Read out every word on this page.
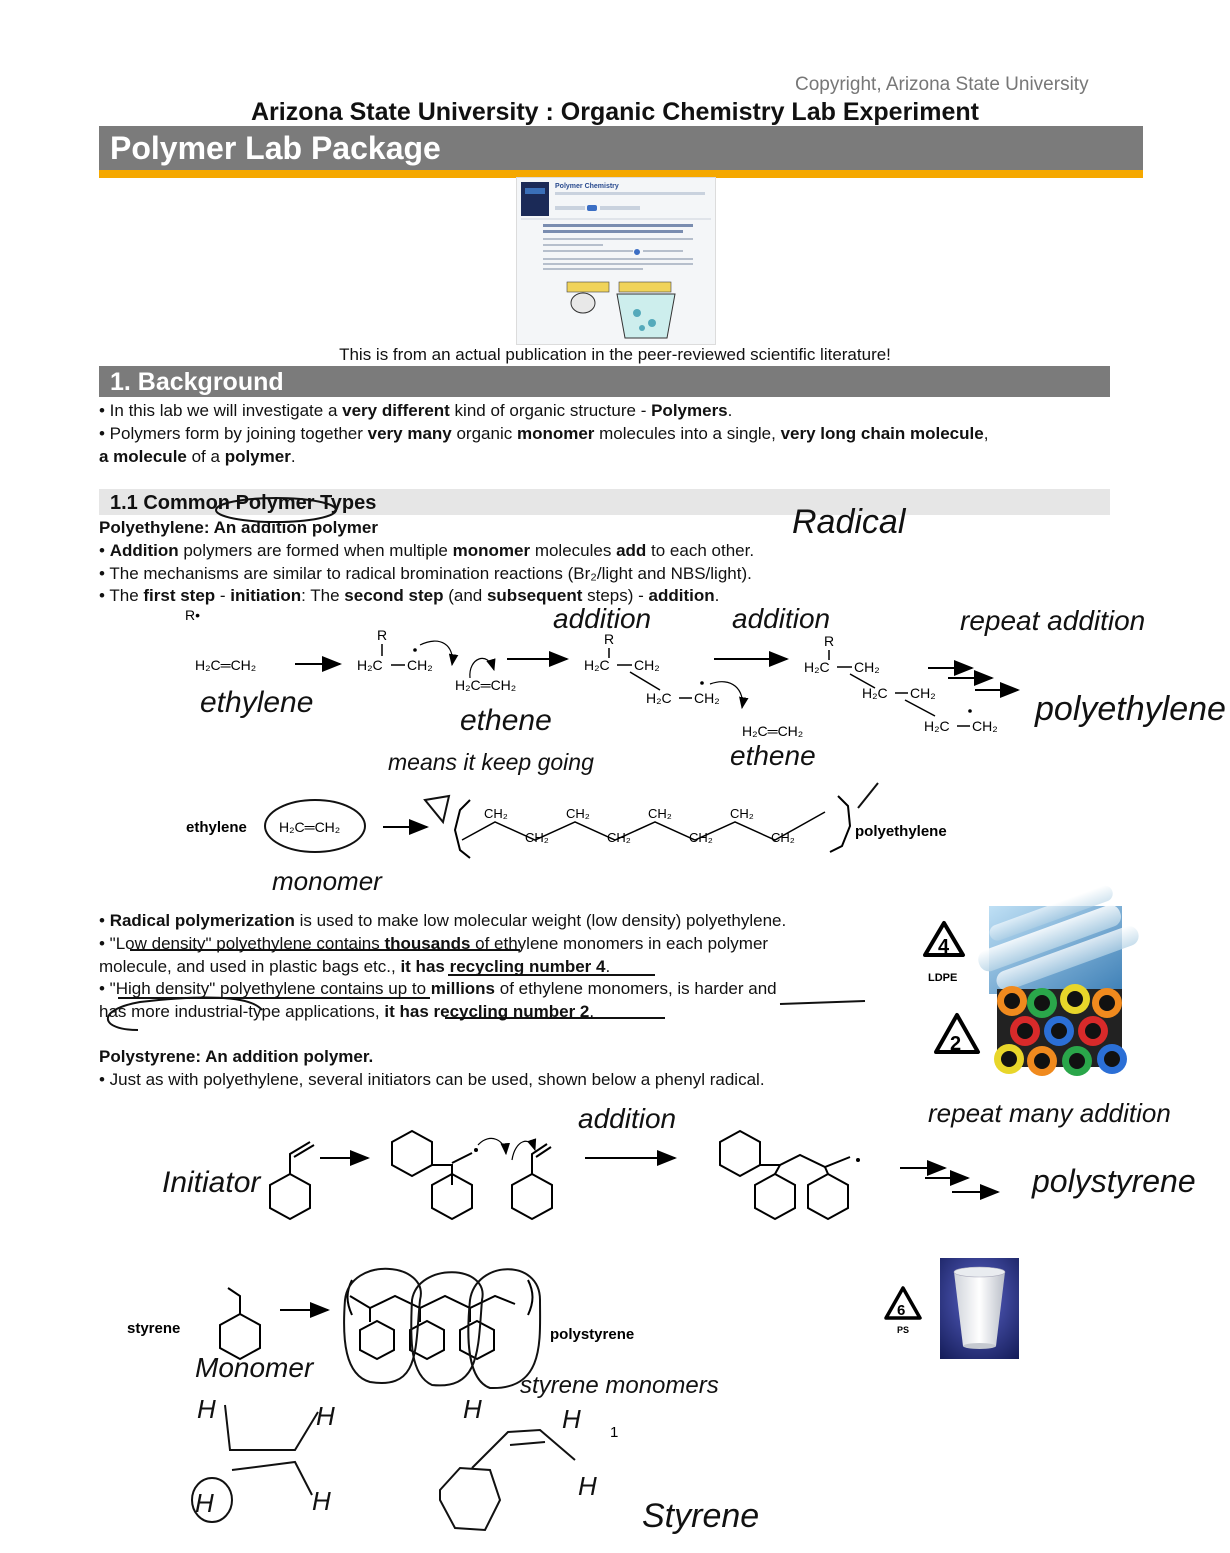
Copyright, Arizona State University
Arizona State University : Organic Chemistry Lab Experiment
Polymer Lab Package
Polymer Chemistry
This is from an actual publication in the peer-reviewed scientific literature!
1. Background
• In this lab we will investigate a very different kind of organic structure - Polymers.
• Polymers form by joining together very many organic monomer molecules into a single, very long chain molecule,
a molecule of a polymer.
1.1 Common Polymer Types
Polyethylene: An addition polymer
• Addition polymers are formed when multiple monomer molecules add to each other.
• The mechanisms are similar to radical bromination reactions (Br₂/light and NBS/light).
• The first step - initiation: The second step (and subsequent steps) - addition.
• Radical polymerization is used to make low molecular weight (low density) polyethylene.
• "Low density" polyethylene contains thousands of ethylene monomers in each polymer
molecule, and used in plastic bags etc., it has recycling number 4.
• "High density" polyethylene contains up to millions of ethylene monomers, is harder and
has more industrial-type applications, it has recycling number 2.
Polystyrene: An addition polymer.
• Just as with polyethylene, several initiators can be used, shown below a phenyl radical.
R•
H₂C═CH₂
R
H₂C CH₂
H₂C═CH₂
R
H₂C CH₂
H₂C CH₂
H₂C═CH₂
R
H₂C CH₂
H₂C CH₂
H₂C CH₂
ethylene H₂C═CH₂
CH₂
CH₂
CH₂
CH₂
CH₂
CH₂
CH₂
CH₂	polyethylene
styrene	polystyrene
4
LDPE
2
6
PS
Radical
addition	addition	repeat addition
ethylene
ethene
ethene
polyethylene
means it keep going
monomer
addition
Initiator
repeat many addition
polystyrene
Monomer
styrene monomers
Styrene
H	H
H	H
H	H
H
1
